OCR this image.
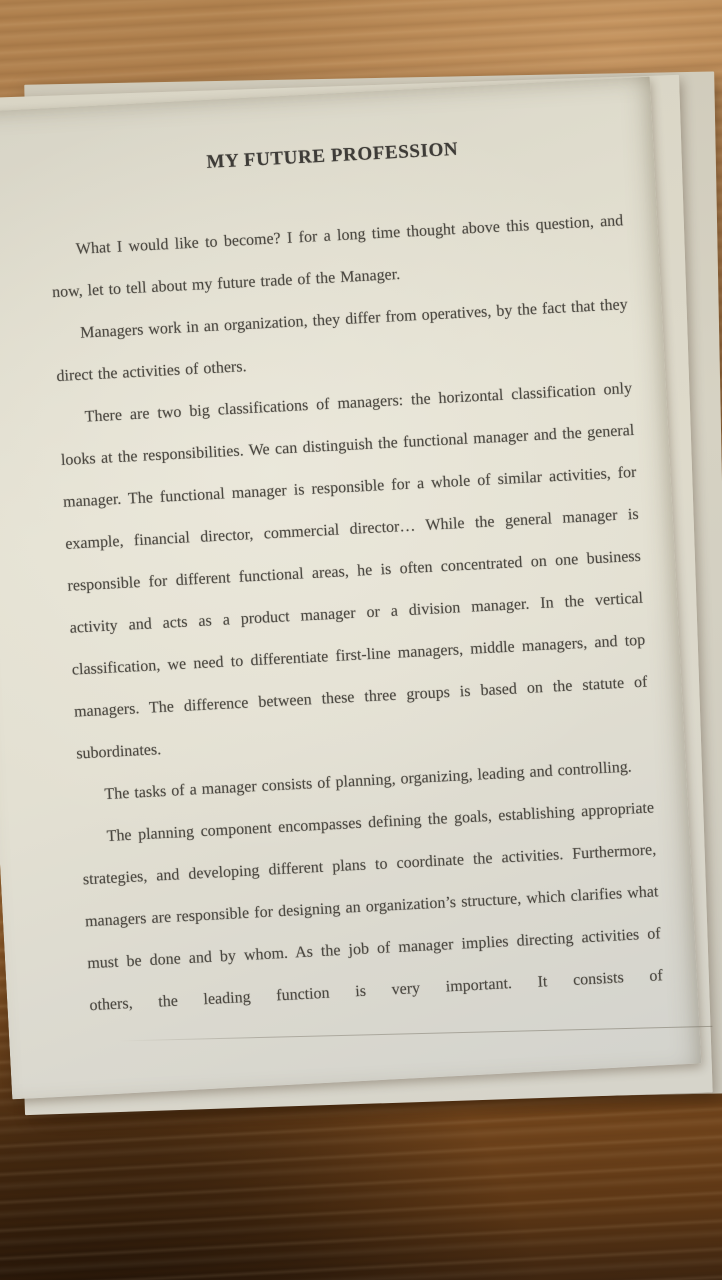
MY FUTURE PROFESSION

What I would like to become? I for a long time thought above this question, and now, let to tell about my future trade of the Manager.

Managers work in an organization, they differ from operatives, by the fact that they direct the activities of others.

There are two big classifications of managers: the horizontal classification only looks at the responsibilities. We can distinguish the functional manager and the general manager. The functional manager is responsible for a whole of similar activities, for example, financial director, commercial director… While the general manager is responsible for different functional areas, he is often concentrated on one business activity and acts as a product manager or a division manager. In the vertical classification, we need to differentiate first-line managers, middle managers, and top managers. The difference between these three groups is based on the statute of subordinates.

The tasks of a manager consists of planning, organizing, leading and controlling.

The planning component encompasses defining the goals, establishing appropriate strategies, and developing different plans to coordinate the activities. Furthermore, managers are responsible for designing an organization’s structure, which clarifies what must be done and by whom. As the job of manager implies directing activities of others, the leading function is very important. It consists of
